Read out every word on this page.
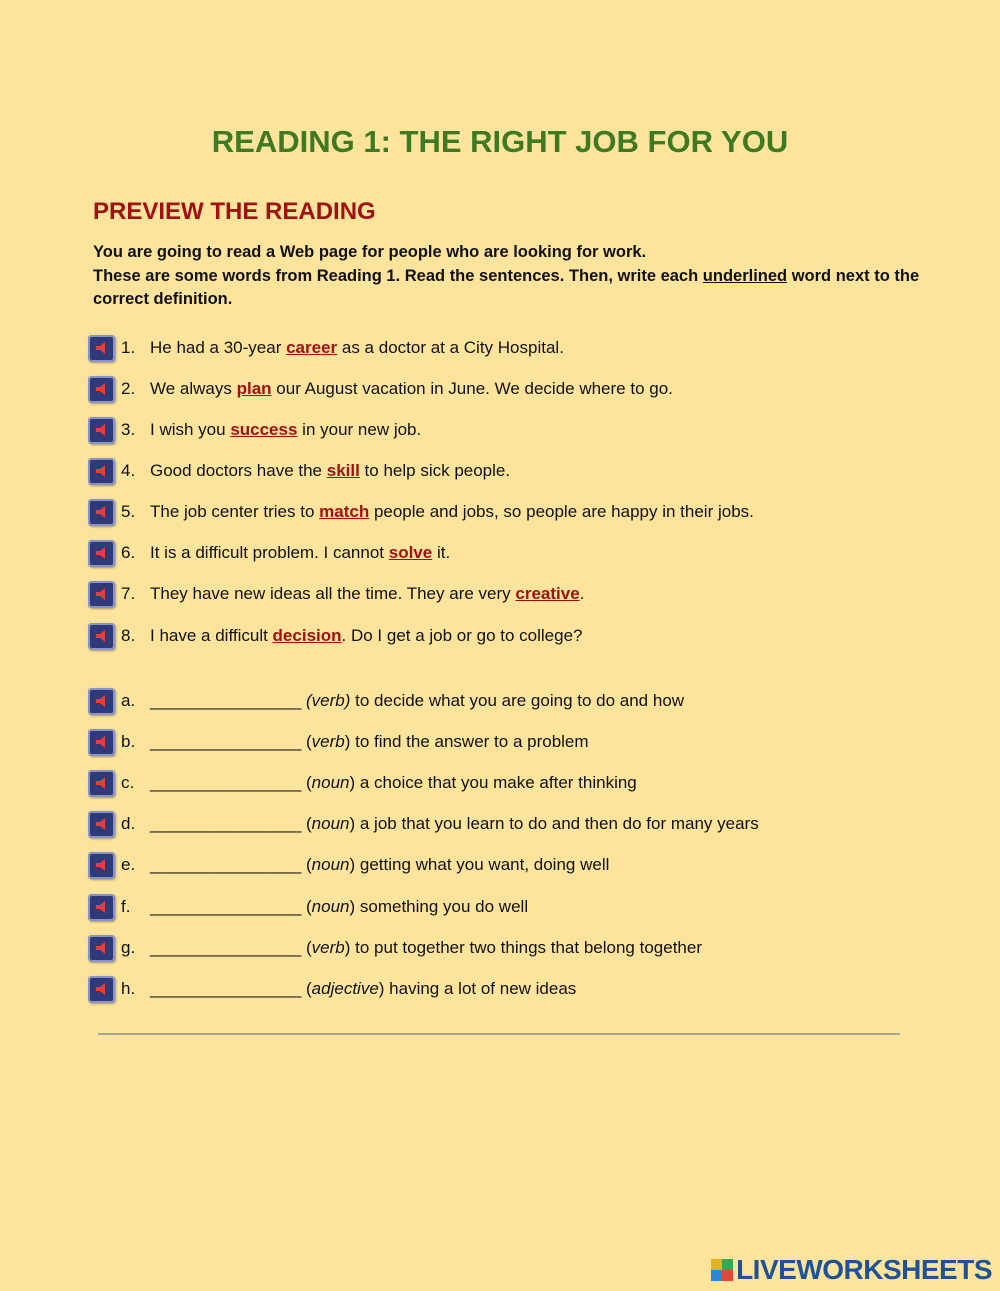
READING 1: THE RIGHT JOB FOR YOU
PREVIEW THE READING
You are going to read a Web page for people who are looking for work.
These are some words from Reading 1. Read the sentences. Then, write each underlined word next to the correct definition.
1. He had a 30-year career as a doctor at a City Hospital.
2. We always plan our August vacation in June. We decide where to go.
3. I wish you success in your new job.
4. Good doctors have the skill to help sick people.
5. The job center tries to match people and jobs, so people are happy in their jobs.
6. It is a difficult problem. I cannot solve it.
7. They have new ideas all the time. They are very creative.
8. I have a difficult decision. Do I get a job or go to college?
a. ________________ (verb) to decide what you are going to do and how
b. ________________ (verb) to find the answer to a problem
c. ________________ (noun) a choice that you make after thinking
d. ________________ (noun) a job that you learn to do and then do for many years
e. ________________ (noun) getting what you want, doing well
f.	________________ (noun) something you do well
g. ________________ (verb) to put together two things that belong together
h. ________________ (adjective) having a lot of new ideas
LIVEWORKSHEETS
